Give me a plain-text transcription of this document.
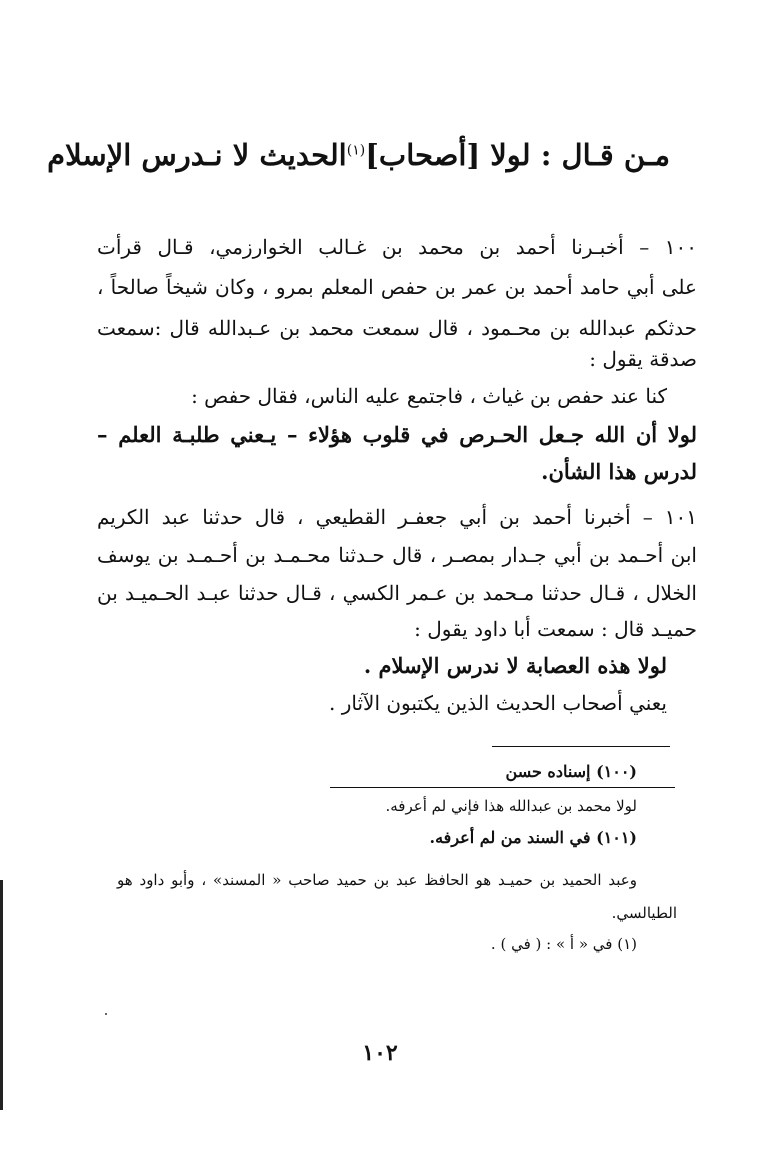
مـن قـال : لولا [أصحاب]$^{(١)}$الحديث لا نـدرس الإسلام
١٠٠ – أخبـرنا أحمد بن محمد بن غـالب الخوارزمي، قـال قرأت
على أبي حامد أحمد بن عمر بن حفص المعلم بمرو ، وكان شيخاً صالحاً ،
حدثكم عبدالله بن محـمود ، قال سمعت محمد بن عـبدالله قال :سمعت
صدقة يقول :
كنا عند حفص بن غياث ، فاجتمع عليه الناس، فقال حفص :
لولا أن الله جـعل الحـرص في قلوب هؤلاء – يـعني طلبـة العلم –
لدرس هذا الشأن.
١٠١ – أخبرنا أحمد بن أبي جعفـر القطيعي ، قال حدثنا عبد الكريم
ابن أحـمد بن أبي جـدار بمصـر ، قال حـدثنا محـمـد بن أحـمـد بن يوسف
الخلال ، قـال حدثنا مـحمد بن عـمر الكسي ، قـال حدثنا عبـد الحـميـد بن
حميـد قال : سمعت أبا داود يقول :
لولا هذه العصابة لا ندرس الإسلام .
يعني أصحاب الحديث الذين يكتبون الآثار .
(١٠٠) إسناده حسن
لولا محمد بن عبدالله هذا فإني لم أعرفه.
(١٠١) في السند من لم أعرفه.
وعبد الحميد بن حميـد هو الحافظ عبد بن حميد صاحب « المسند» ، وأبو داود هو
الطيالسي.
(١) في « أ » : ( في ) .
١٠٢
